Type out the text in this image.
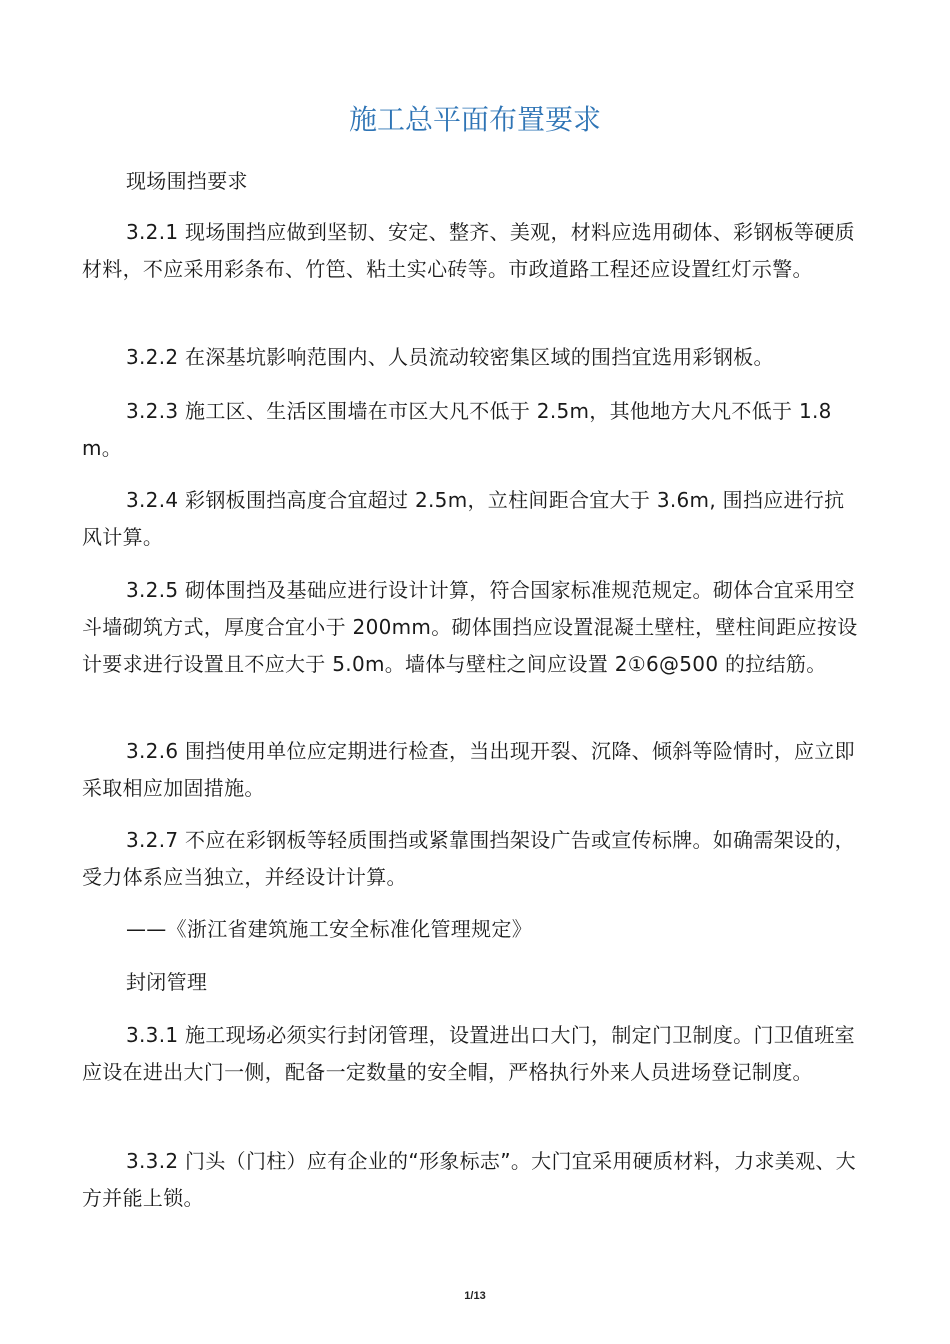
施工总平面布置要求
现场围挡要求
3.2.1 现场围挡应做到坚韧、安定、整齐、美观，材料应选用砌体、彩钢板等硬质材料，不应采用彩条布、竹笆、粘土实心砖等。市政道路工程还应设置红灯示警。
3.2.2 在深基坑影响范围内、人员流动较密集区域的围挡宜选用彩钢板。
3.2.3 施工区、生活区围墙在市区大凡不低于 2.5m，其他地方大凡不低于 1.8m。
3.2.4 彩钢板围挡高度合宜超过 2.5m，立柱间距合宜大于 3.6m, 围挡应进行抗风计算。
3.2.5 砌体围挡及基础应进行设计计算，符合国家标准规范规定。砌体合宜采用空斗墙砌筑方式，厚度合宜小于 200mm。砌体围挡应设置混凝土壁柱，壁柱间距应按设计要求进行设置且不应大于 5.0m。墙体与壁柱之间应设置 2①6@500 的拉结筋。
3.2.6 围挡使用单位应定期进行检查，当出现开裂、沉降、倾斜等险情时，应立即采取相应加固措施。
3.2.7 不应在彩钢板等轻质围挡或紧靠围挡架设广告或宣传标牌。如确需架设的，受力体系应当独立，并经设计计算。
——《浙江省建筑施工安全标准化管理规定》
封闭管理
3.3.1 施工现场必须实行封闭管理，设置进出口大门，制定门卫制度。门卫值班室应设在进出大门一侧，配备一定数量的安全帽，严格执行外来人员进场登记制度。
3.3.2 门头（门柱）应有企业的“形象标志”。大门宜采用硬质材料，力求美观、大方并能上锁。
1/13
